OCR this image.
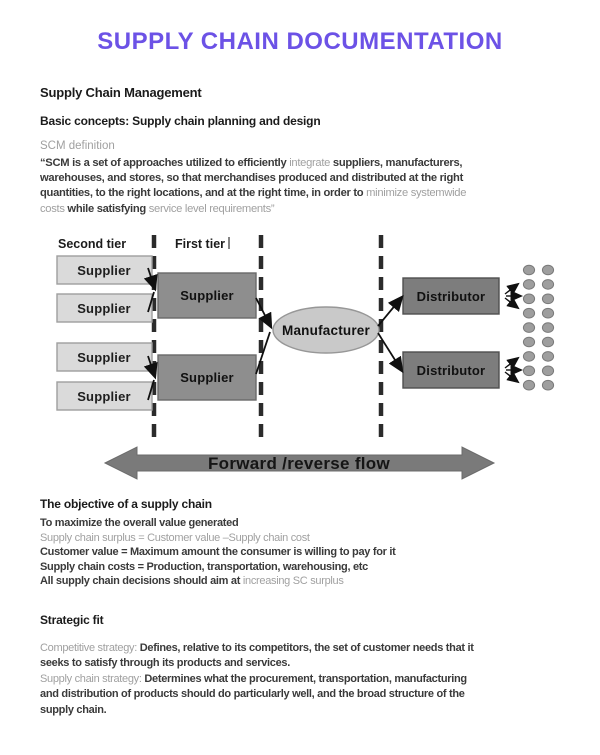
SUPPLY CHAIN DOCUMENTATION
Supply Chain Management
Basic concepts: Supply chain planning and design
SCM definition
“SCM is a set of approaches utilized to efficiently integrate suppliers, manufacturers,
warehouses, and stores, so that merchandises produced and distributed at the right
quantities, to the right locations, and at the right time, in order to minimize systemwide
costs while satisfying service level requirements”
Second tier	First tier
Supplier
Supplier
Supplier
Supplier
Supplier
Supplier
Manufacturer
Distributor
Distributor
Forward /reverse flow
The objective of a supply chain
To maximize the overall value generated
Supply chain surplus = Customer value –Supply chain cost
Customer value = Maximum amount the consumer is willing to pay for it
Supply chain costs = Production, transportation, warehousing, etc
All supply chain decisions should aim at increasing SC surplus
Strategic fit
Competitive strategy: Defines, relative to its competitors, the set of customer needs that it
seeks to satisfy through its products and services.
Supply chain strategy: Determines what the procurement, transportation, manufacturing
and distribution of products should do particularly well, and the broad structure of the
supply chain.
